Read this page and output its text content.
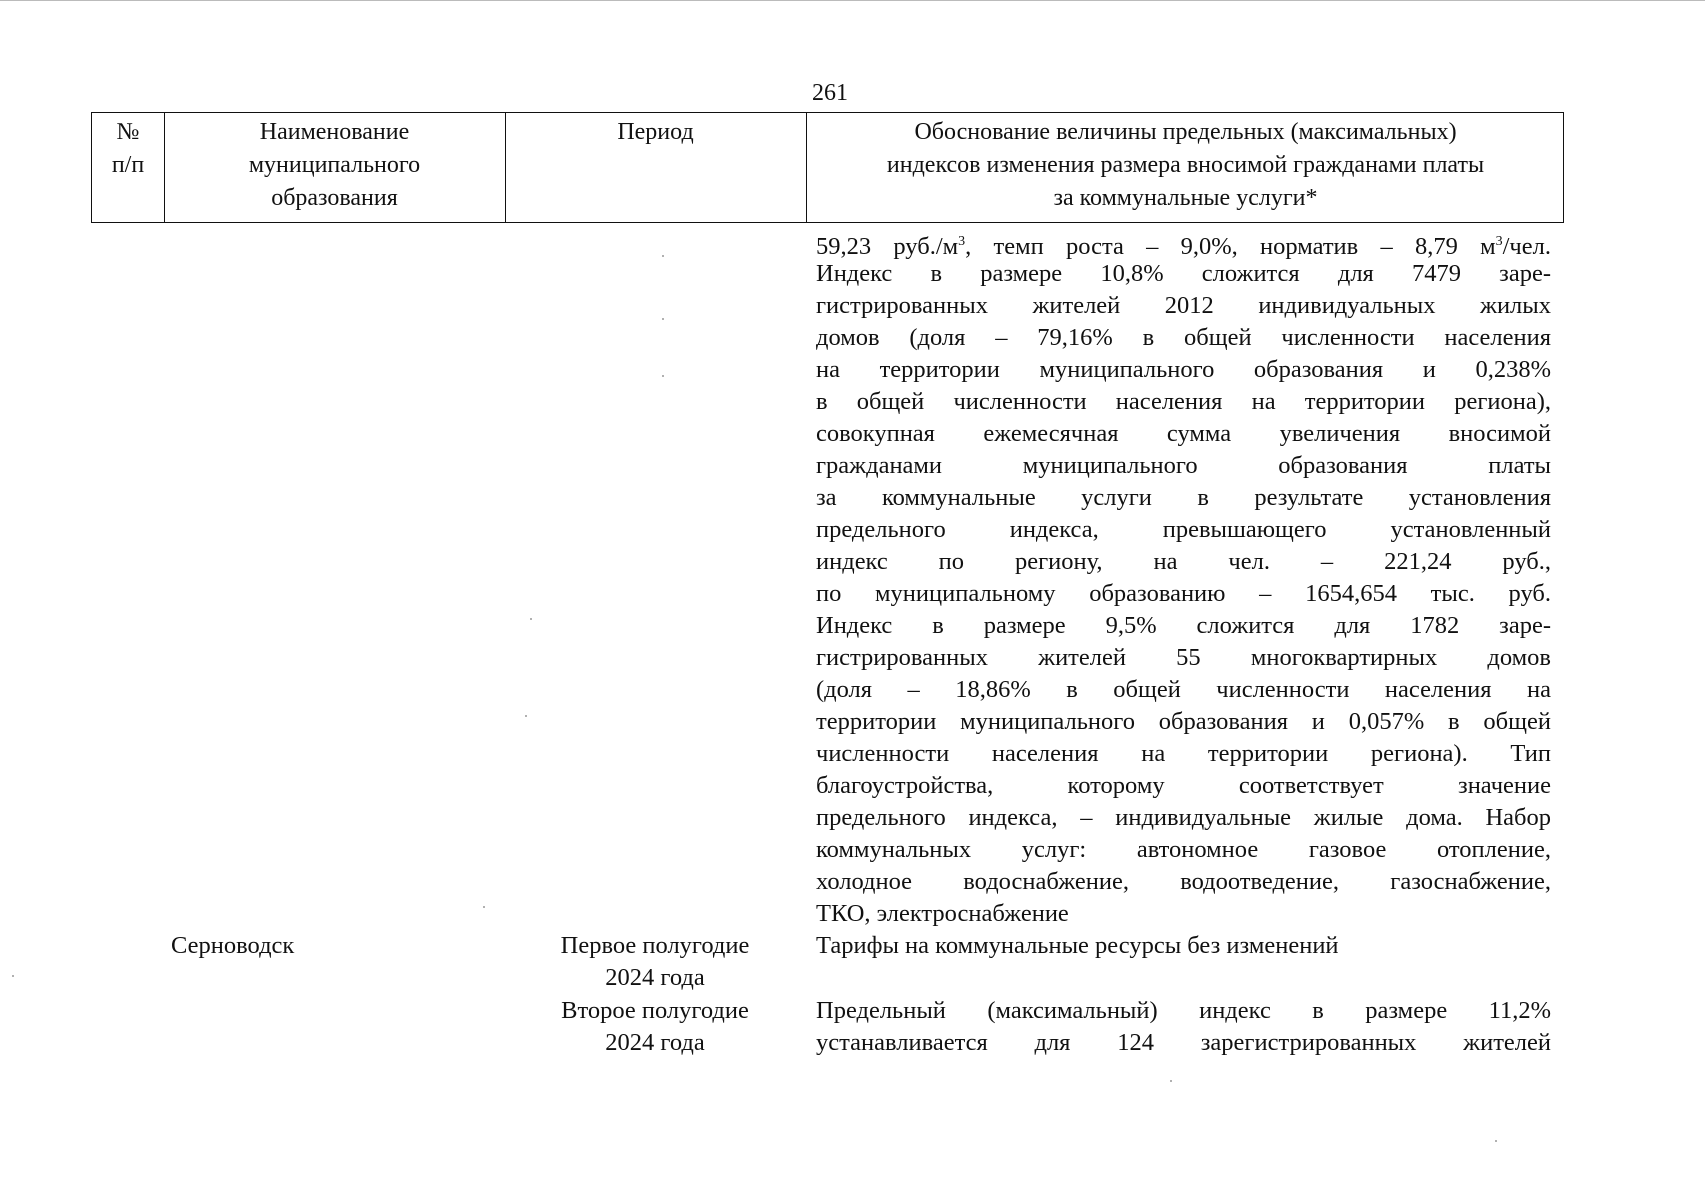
261
№
п/п
Наименование
муниципального
образования
Период	Обоснование величины предельных (максимальных)
индексов изменения размера вносимой гражданами платы
за коммунальные услуги*
59,23 $руб./м^3$, темп роста – 9,0%, норматив – 8,79 $м^3$/чел.
Индекс в размере 10,8% сложится для 7479 заре-
гистрированных жителей 2012 индивидуальных жилых
домов (доля – 79,16% в общей численности населения
на территории муниципального образования и 0,238%
в общей численности населения на территории региона),
совокупная ежемесячная сумма увеличения вносимой
гражданами муниципального образования платы
за коммунальные услуги в результате установления
предельного индекса, превышающего установленный
индекс по региону, на чел. – 221,24 руб.,
по муниципальному образованию – 1654,654 тыс. руб.
Индекс в размере 9,5% сложится для 1782 заре-
гистрированных жителей 55 многоквартирных домов
(доля – 18,86% в общей численности населения на
территории муниципального образования и 0,057% в общей
численности населения на территории региона). Тип
благоустройства, которому соответствует значение
предельного индекса, – индивидуальные жилые дома. Набор
коммунальных услуг: автономное газовое отопление,
холодное водоснабжение, водоотведение, газоснабжение,
ТКО, электроснабжение
Серноводск	Первое полугодие
2024 года
Тарифы на коммунальные ресурсы без изменений
Второе полугодие
2024 года
Предельный (максимальный) индекс в размере 11,2%
устанавливается для 124 зарегистрированных жителей
